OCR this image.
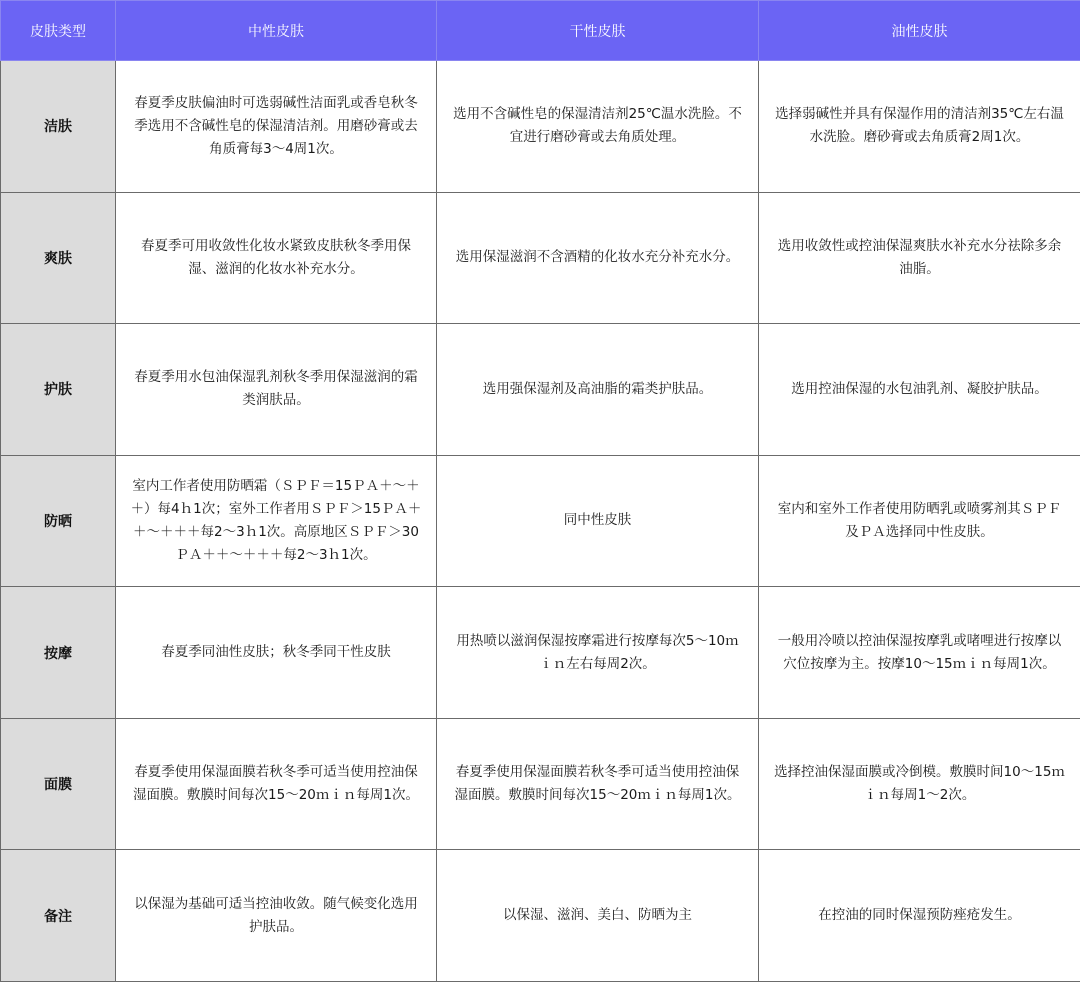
皮肤类型	中性皮肤	干性皮肤	油性皮肤
洁肤	春夏季皮肤偏油时可选弱碱性洁面乳或香皂秋冬季选用不含碱性皂的保湿清洁剂。用磨砂膏或去角质膏每3～4周1次。	选用不含碱性皂的保湿清洁剂25℃温水洗脸。不宜进行磨砂膏或去角质处理。	选择弱碱性并具有保湿作用的清洁剂35℃左右温水洗脸。磨砂膏或去角质膏2周1次。
爽肤	春夏季可用收敛性化妆水紧致皮肤秋冬季用保湿、滋润的化妆水补充水分。	选用保湿滋润不含酒精的化妆水充分补充水分。	选用收敛性或控油保湿爽肤水补充水分祛除多余油脂。
护肤	春夏季用水包油保湿乳剂秋冬季用保湿滋润的霜类润肤品。	选用强保湿剂及高油脂的霜类护肤品。	选用控油保湿的水包油乳剂、凝胶护肤品。
防晒	室内工作者使用防晒霜（ＳＰＦ＝15ＰＡ＋～＋＋）每4ｈ1次；室外工作者用ＳＰＦ＞15ＰＡ＋＋～＋＋＋每2～3ｈ1次。高原地区ＳＰＦ＞30ＰＡ＋＋～＋＋＋每2～3ｈ1次。	同中性皮肤	室内和室外工作者使用防晒乳或喷雾剂其ＳＰＦ及ＰＡ选择同中性皮肤。
按摩	春夏季同油性皮肤；秋冬季同干性皮肤	用热喷以滋润保湿按摩霜进行按摩每次5～10ｍｉｎ左右每周2次。	一般用冷喷以控油保湿按摩乳或啫哩进行按摩以穴位按摩为主。按摩10～15ｍｉｎ每周1次。
面膜	春夏季使用保湿面膜若秋冬季可适当使用控油保湿面膜。敷膜时间每次15～20ｍｉｎ每周1次。	春夏季使用保湿面膜若秋冬季可适当使用控油保湿面膜。敷膜时间每次15～20ｍｉｎ每周1次。	选择控油保湿面膜或冷倒模。敷膜时间10～15ｍｉｎ每周1～2次。
备注	以保湿为基础可适当控油收敛。随气候变化选用护肤品。	以保湿、滋润、美白、防晒为主	在控油的同时保湿预防痤疮发生。
